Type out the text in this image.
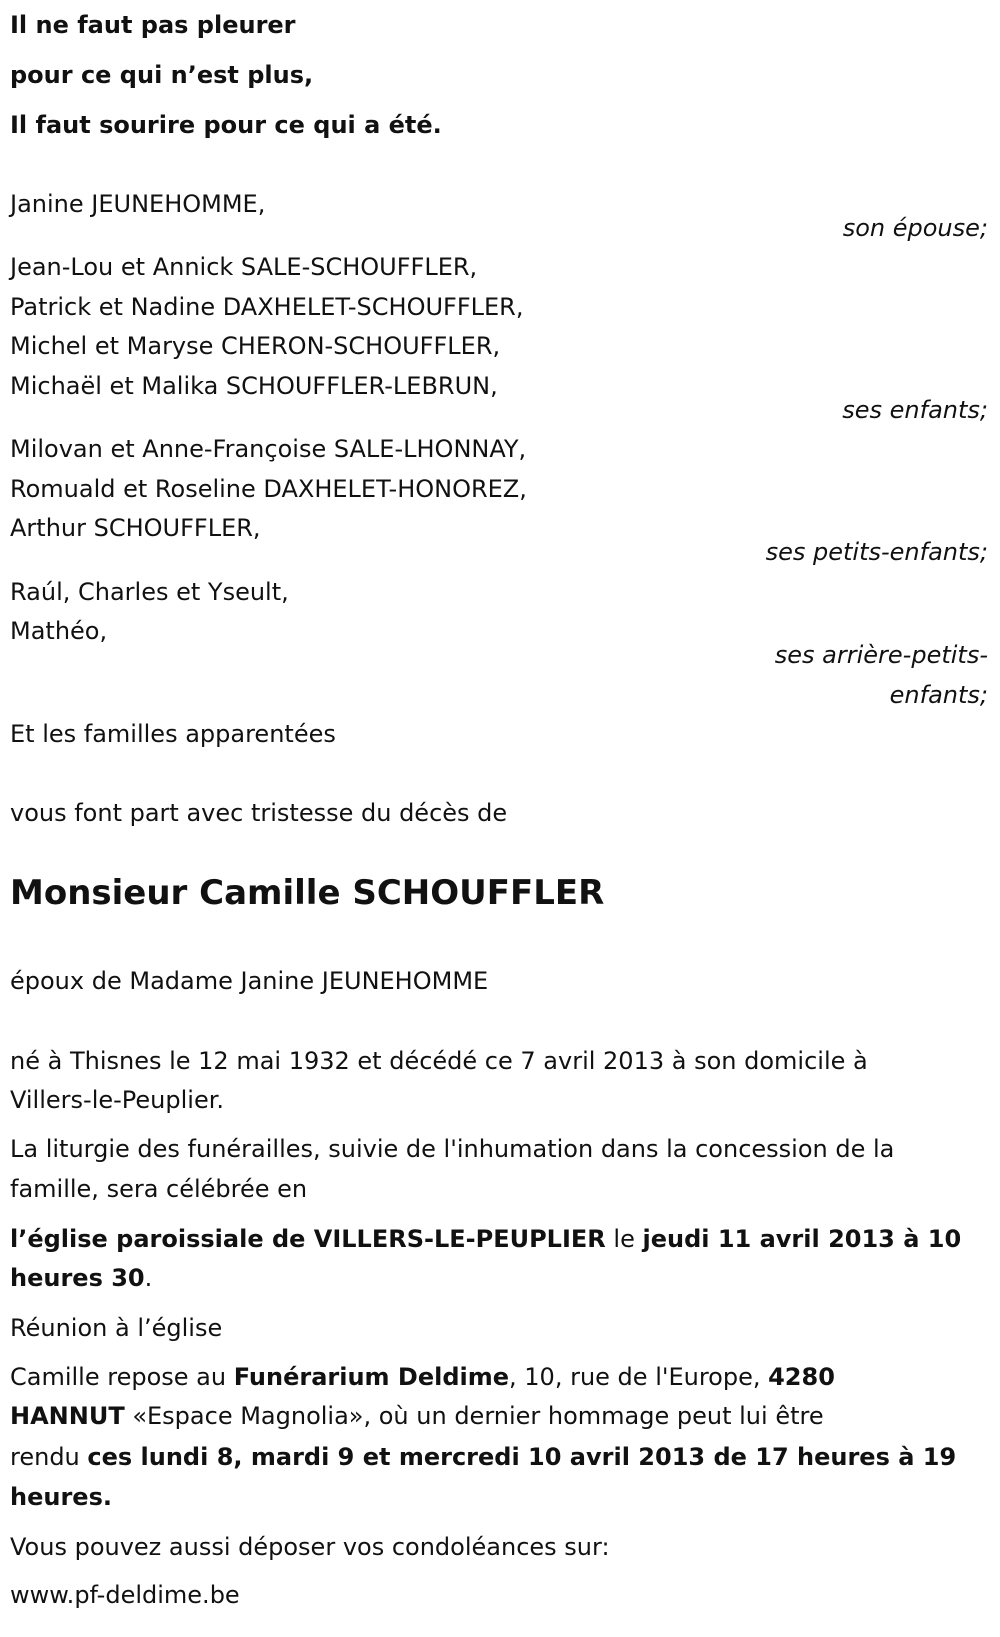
Il ne faut pas pleurer
pour ce qui n’est plus,
Il faut sourire pour ce qui a été.
Janine JEUNEHOMME,
son épouse;
Jean-Lou et Annick SALE-SCHOUFFLER,
Patrick et Nadine DAXHELET-SCHOUFFLER,
Michel et Maryse CHERON-SCHOUFFLER,
Michaël et Malika SCHOUFFLER-LEBRUN,
ses enfants;
Milovan et Anne-Françoise SALE-LHONNAY,
Romuald et Roseline DAXHELET-HONOREZ,
Arthur SCHOUFFLER,
ses petits-enfants;
Raúl, Charles et Yseult,
Mathéo,
ses arrière-petits-
enfants;
Et les familles apparentées
vous font part avec tristesse du décès de
Monsieur Camille SCHOUFFLER
époux de Madame Janine JEUNEHOMME
né à Thisnes le 12 mai 1932 et décédé ce 7 avril 2013 à son domicile à
Villers-le-Peuplier.
La liturgie des funérailles, suivie de l'inhumation dans la concession de la
famille, sera célébrée en
l’église paroissiale de VILLERS-LE-PEUPLIER le jeudi 11 avril 2013 à 10
heures 30.
Réunion à l’église
Camille repose au Funérarium Deldime, 10, rue de l'Europe, 4280
HANNUT «Espace Magnolia», où un dernier hommage peut lui être
rendu ces lundi 8, mardi 9 et mercredi 10 avril 2013 de 17 heures à 19
heures.
Vous pouvez aussi déposer vos condoléances sur:
www.pf-deldime.be
